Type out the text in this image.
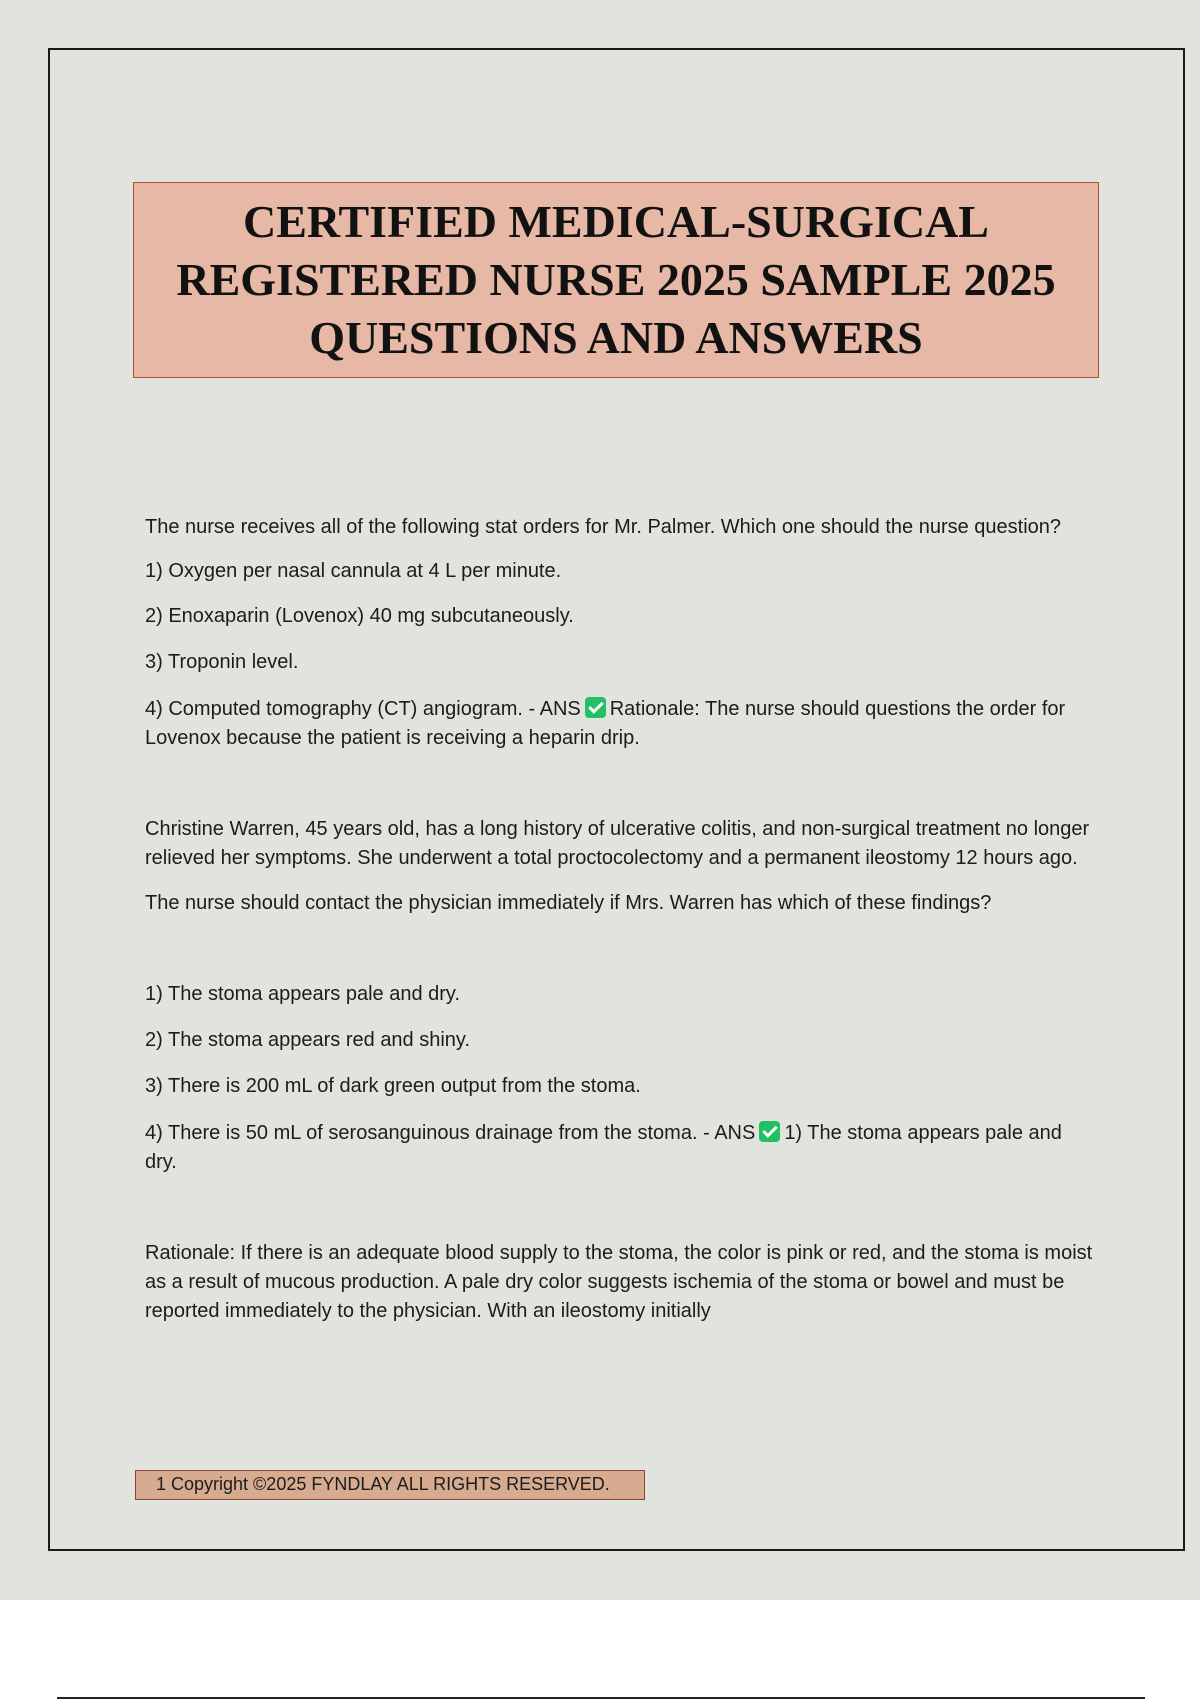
CERTIFIED MEDICAL-SURGICAL
REGISTERED NURSE 2025 SAMPLE 2025
QUESTIONS AND ANSWERS

The nurse receives all of the following stat orders for Mr. Palmer. Which one should the nurse question?

1) Oxygen per nasal cannula at 4 L per minute.

2) Enoxaparin (Lovenox) 40 mg subcutaneously.

3) Troponin level.

4) Computed tomography (CT) angiogram. - ANS Rationale: The nurse should questions the order for Lovenox because the patient is receiving a heparin drip.

Christine Warren, 45 years old, has a long history of ulcerative colitis, and non-surgical treatment no longer relieved her symptoms. She underwent a total proctocolectomy and a permanent ileostomy 12 hours ago.

The nurse should contact the physician immediately if Mrs. Warren has which of these findings?

1) The stoma appears pale and dry.

2) The stoma appears red and shiny.

3) There is 200 mL of dark green output from the stoma.

4) There is 50 mL of serosanguinous drainage from the stoma. - ANS 1) The stoma appears pale and dry.

Rationale: If there is an adequate blood supply to the stoma, the color is pink or red, and the stoma is moist as a result of mucous production. A pale dry color suggests ischemia of the stoma or bowel and must be reported immediately to the physician. With an ileostomy initially

1 Copyright ©2025 FYNDLAY ALL RIGHTS RESERVED.
